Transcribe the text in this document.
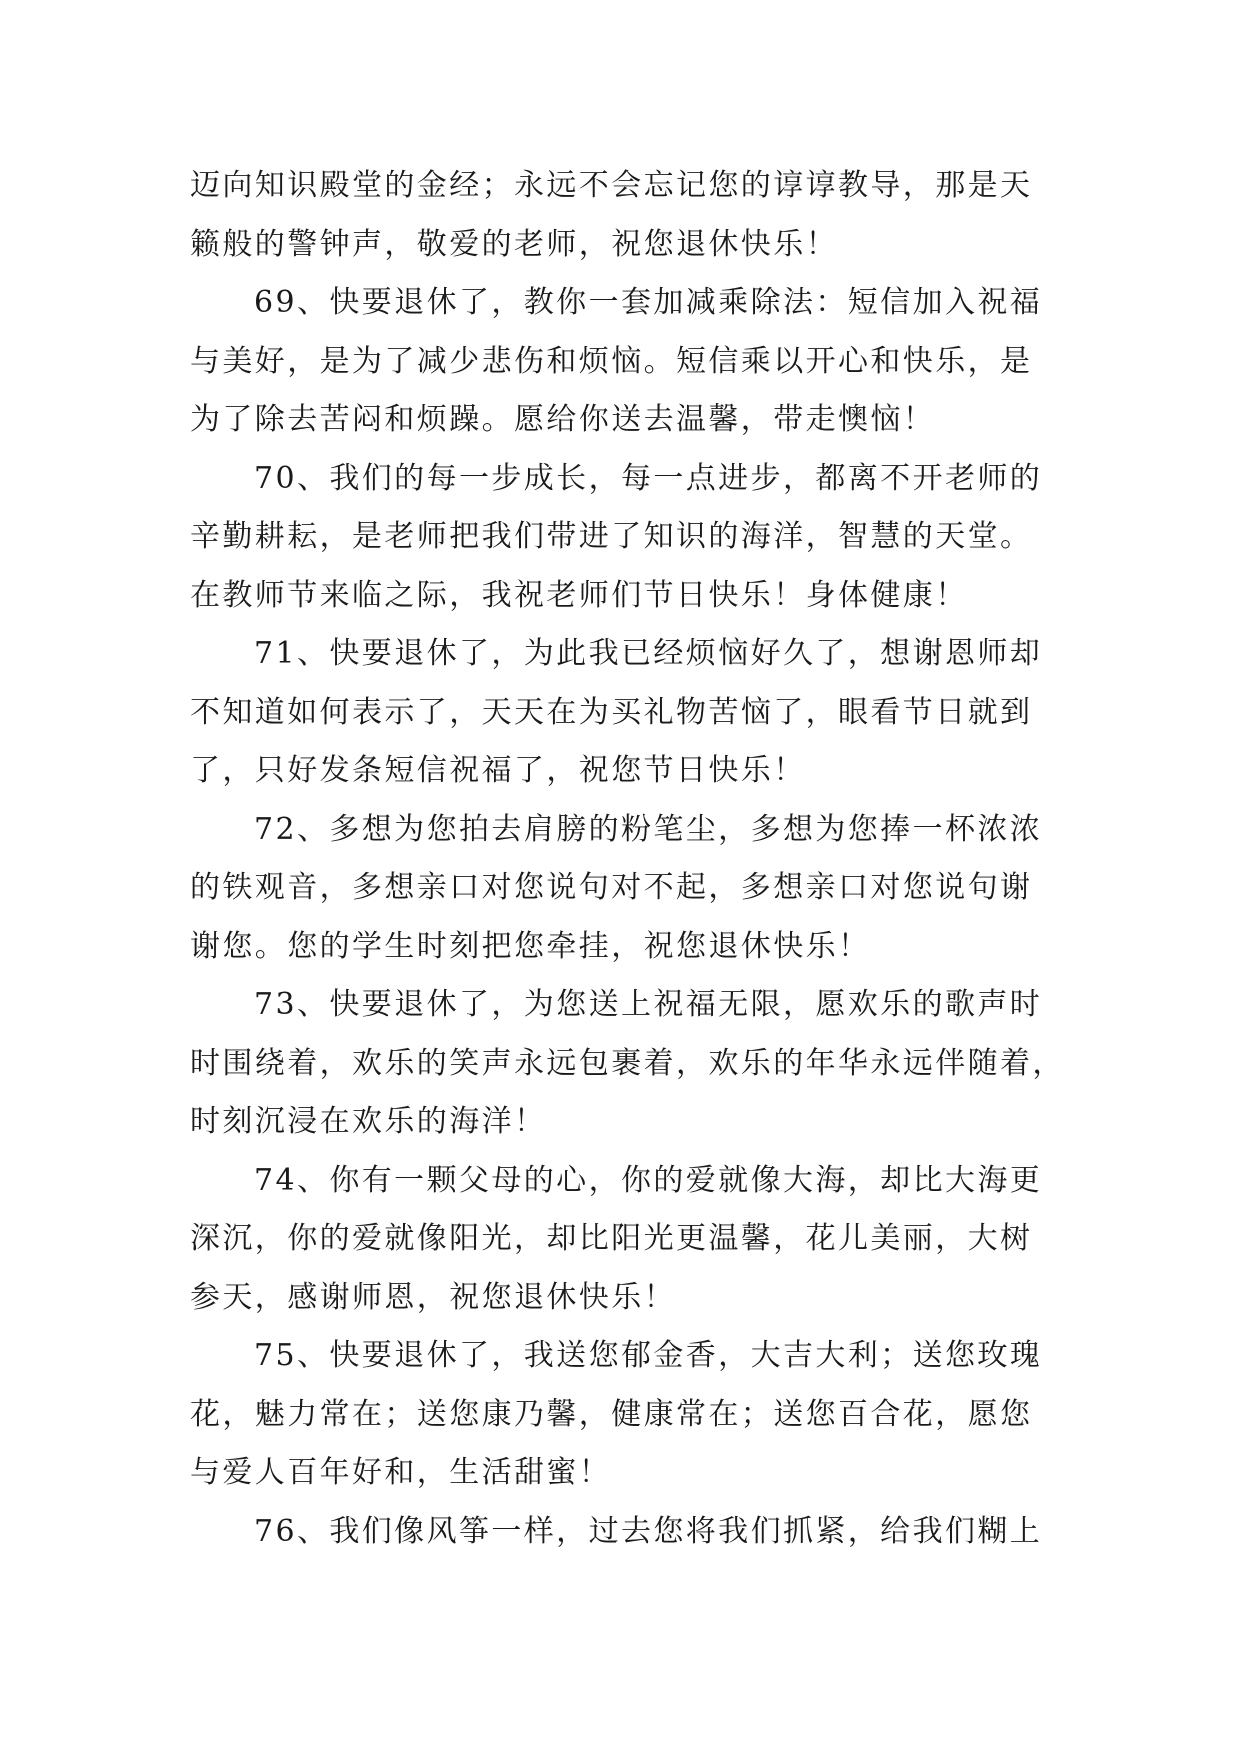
迈向知识殿堂的金经；永远不会忘记您的谆谆教导，那是天
籁般的警钟声，敬爱的老师，祝您退休快乐！
69、快要退休了，教你一套加减乘除法：短信加入祝福
与美好，是为了减少悲伤和烦恼。短信乘以开心和快乐，是
为了除去苦闷和烦躁。愿给你送去温馨，带走懊恼！
70、我们的每一步成长，每一点进步，都离不开老师的
辛勤耕耘，是老师把我们带进了知识的海洋，智慧的天堂。
在教师节来临之际，我祝老师们节日快乐！身体健康！
71、快要退休了，为此我已经烦恼好久了，想谢恩师却
不知道如何表示了，天天在为买礼物苦恼了，眼看节日就到
了，只好发条短信祝福了，祝您节日快乐！
72、多想为您拍去肩膀的粉笔尘，多想为您捧一杯浓浓
的铁观音，多想亲口对您说句对不起，多想亲口对您说句谢
谢您。您的学生时刻把您牵挂，祝您退休快乐！
73、快要退休了，为您送上祝福无限，愿欢乐的歌声时
时围绕着，欢乐的笑声永远包裹着，欢乐的年华永远伴随着，
时刻沉浸在欢乐的海洋！
74、你有一颗父母的心，你的爱就像大海，却比大海更
深沉，你的爱就像阳光，却比阳光更温馨，花儿美丽，大树
参天，感谢师恩，祝您退休快乐！
75、快要退休了，我送您郁金香，大吉大利；送您玫瑰
花，魅力常在；送您康乃馨，健康常在；送您百合花，愿您
与爱人百年好和，生活甜蜜！
76、我们像风筝一样，过去您将我们抓紧，给我们糊上
